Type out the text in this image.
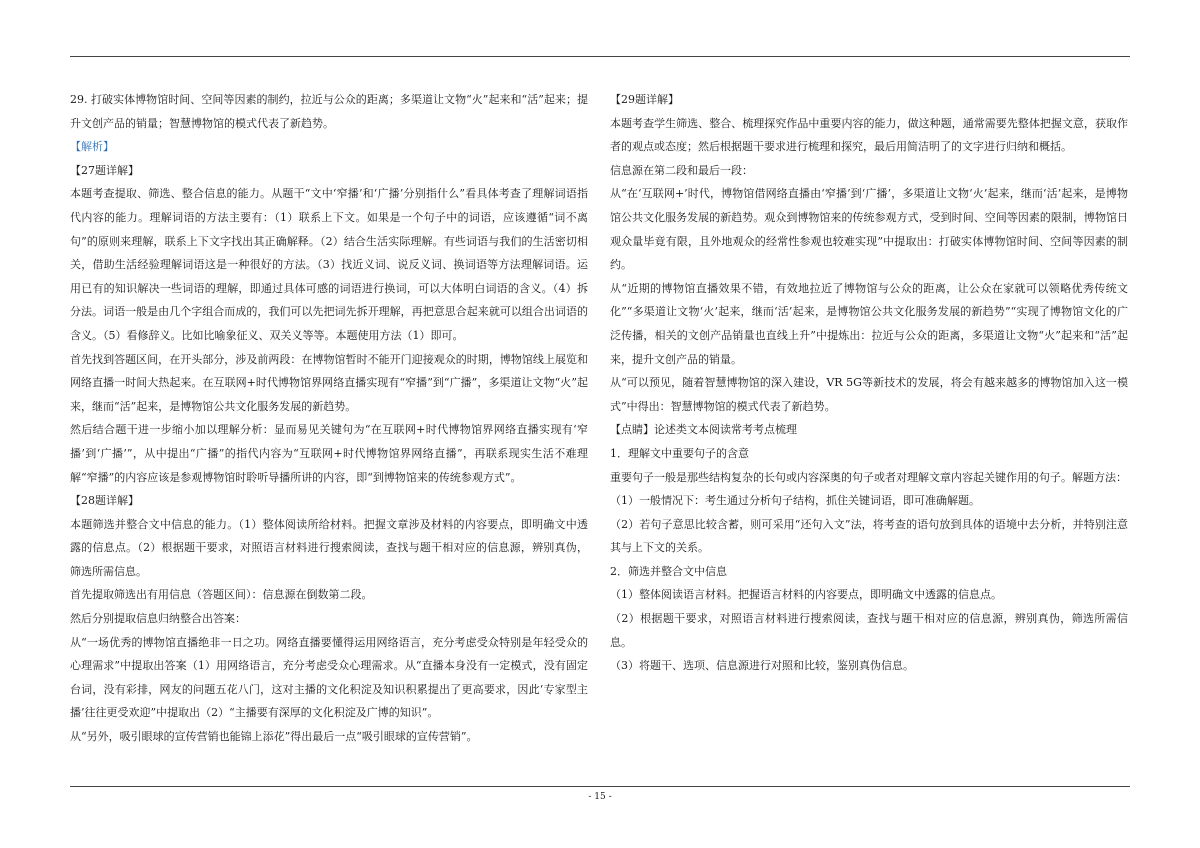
29. 打破实体博物馆时间、空间等因素的制约，拉近与公众的距离；多渠道让文物“火”起来和“活”起来；提升文创产品的销量；智慧博物馆的模式代表了新趋势。

【解析】

【27题详解】

本题考查提取、筛选、整合信息的能力。从题干“文中‘窄播’和‘广播’分别指什么”看具体考查了理解词语指代内容的能力。理解词语的方法主要有：（1）联系上下文。如果是一个句子中的词语，应该遵循“词不离句”的原则来理解，联系上下文字找出其正确解释。（2）结合生活实际理解。有些词语与我们的生活密切相关，借助生活经验理解词语这是一种很好的方法。（3）找近义词、说反义词、换词语等方法理解词语。运用已有的知识解决一些词语的理解，即通过具体可感的词语进行换词，可以大体明白词语的含义。（4）拆分法。词语一般是由几个字组合而成的，我们可以先把词先拆开理解，再把意思合起来就可以组合出词语的含义。（5）看修辞义。比如比喻象征义、双关义等等。本题使用方法（1）即可。

首先找到答题区间，在开头部分，涉及前两段：在博物馆暂时不能开门迎接观众的时期，博物馆线上展览和网络直播一时间大热起来。在互联网+时代博物馆界网络直播实现有“窄播”到“广播”，多渠道让文物“火”起来，继而“活”起来，是博物馆公共文化服务发展的新趋势。

然后结合题干进一步缩小加以理解分析：显而易见关键句为“在互联网+时代博物馆界网络直播实现有‘窄播’到‘广播’”，从中提出“广播”的指代内容为“互联网+时代博物馆界网络直播”，再联系现实生活不难理解“窄播”的内容应该是参观博物馆时聆听导播所讲的内容，即“到博物馆来的传统参观方式”。

【28题详解】

本题筛选并整合文中信息的能力。（1）整体阅读所给材料。把握文章涉及材料的内容要点，即明确文中透露的信息点。（2）根据题干要求，对照语言材料进行搜索阅读，查找与题干相对应的信息源，辨别真伪，筛选所需信息。

首先提取筛选出有用信息（答题区间）：信息源在倒数第二段。

然后分别提取信息归纳整合出答案：

从“一场优秀的博物馆直播绝非一日之功。网络直播要懂得运用网络语言，充分考虑受众特别是年轻受众的心理需求”中提取出答案（1）用网络语言，充分考虑受众心理需求。从“直播本身没有一定模式，没有固定台词，没有彩排，网友的问题五花八门，这对主播的文化积淀及知识积累提出了更高要求，因此‘专家型主播’往往更受欢迎”中提取出（2）“主播要有深厚的文化积淀及广博的知识”。

从“另外，吸引眼球的宣传营销也能锦上添花”得出最后一点“吸引眼球的宣传营销”。

【29题详解】

本题考查学生筛选、整合、梳理探究作品中重要内容的能力，做这种题，通常需要先整体把握文意，获取作者的观点或态度；然后根据题干要求进行梳理和探究，最后用简洁明了的文字进行归纳和概括。

信息源在第二段和最后一段：

从“在‘互联网+’时代，博物馆借网络直播由‘窄播’到‘广播’，多渠道让文物‘火’起来，继而‘活’起来，是博物馆公共文化服务发展的新趋势。观众到博物馆来的传统参观方式，受到时间、空间等因素的限制，博物馆日观众量毕竟有限，且外地观众的经常性参观也较难实现”中提取出：打破实体博物馆时间、空间等因素的制约。

从“近期的博物馆直播效果不错，有效地拉近了博物馆与公众的距离，让公众在家就可以领略优秀传统文化”“多渠道让文物‘火’起来，继而‘活’起来，是博物馆公共文化服务发展的新趋势”“实现了博物馆文化的广泛传播，相关的文创产品销量也直线上升”中提炼出：拉近与公众的距离，多渠道让文物“火”起来和“活”起来，提升文创产品的销量。

从“可以预见，随着智慧博物馆的深入建设，VR 5G等新技术的发展，将会有越来越多的博物馆加入这一模式”中得出：智慧博物馆的模式代表了新趋势。

【点睛】论述类文本阅读常考考点梳理

1．理解文中重要句子的含意

重要句子一般是那些结构复杂的长句或内容深奥的句子或者对理解文章内容起关键作用的句子。解题方法：

（1）一般情况下：考生通过分析句子结构，抓住关键词语，即可准确解题。

（2）若句子意思比较含蓄，则可采用“还句入文”法，将考查的语句放到具体的语境中去分析，并特别注意其与上下文的关系。

2．筛选并整合文中信息

（1）整体阅读语言材料。把握语言材料的内容要点，即明确文中透露的信息点。

（2）根据题干要求，对照语言材料进行搜索阅读，查找与题干相对应的信息源，辨别真伪，筛选所需信息。

（3）将题干、选项、信息源进行对照和比较，鉴别真伪信息。

- 15 -
